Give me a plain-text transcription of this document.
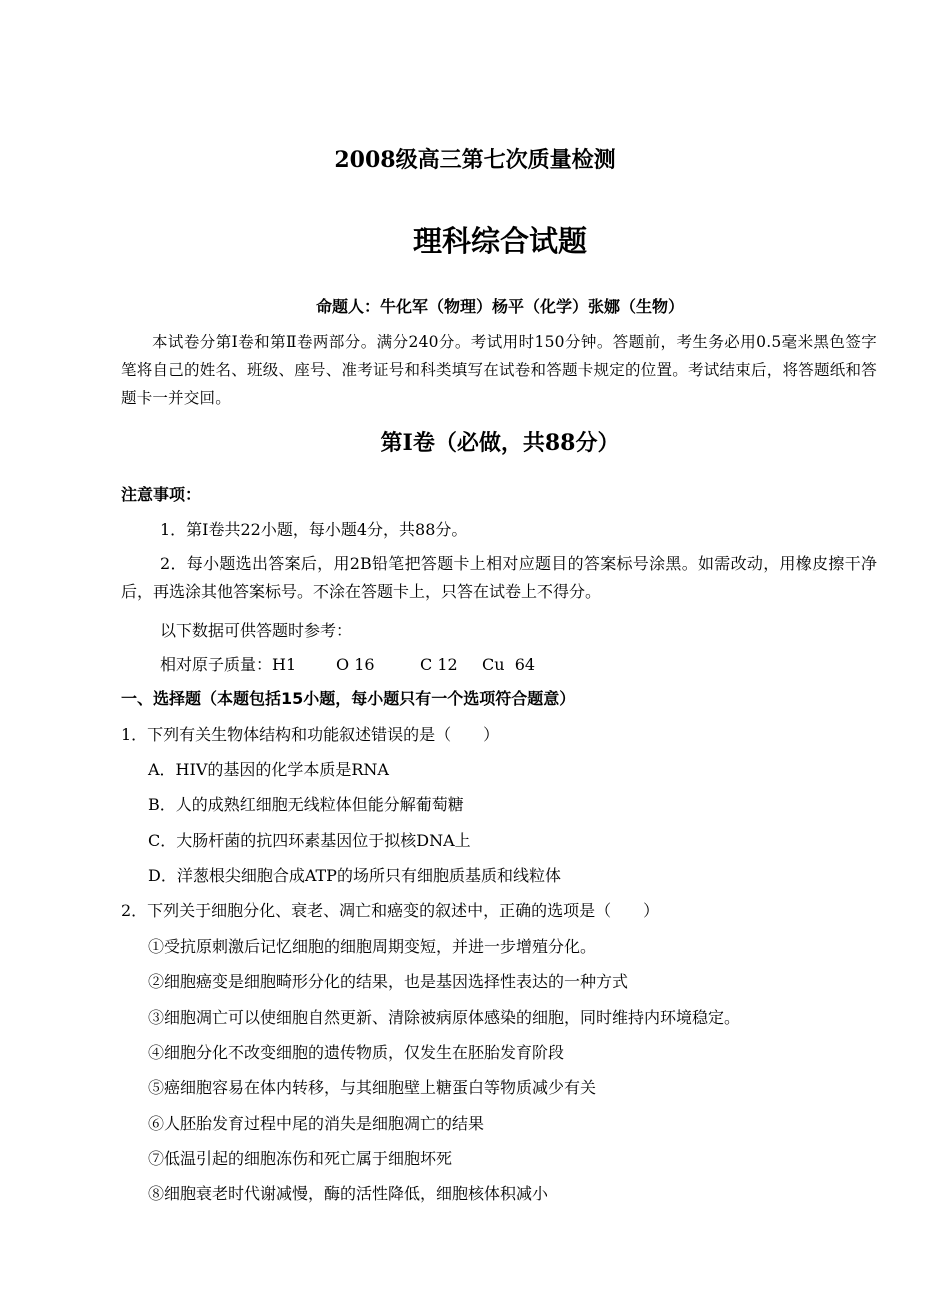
2008级高三第七次质量检测
理科综合试题
命题人：牛化军（物理）杨平（化学）张娜（生物）
本试卷分第Ⅰ卷和第Ⅱ卷两部分。满分240分。考试用时150分钟。答题前，考生务必用0.5毫米黑色签字笔将自己的姓名、班级、座号、准考证号和科类填写在试卷和答题卡规定的位置。考试结束后，将答题纸和答题卡一并交回。
第Ⅰ卷（必做，共88分）
注意事项：
1．第Ⅰ卷共22小题，每小题4分，共88分。
2．每小题选出答案后，用2B铅笔把答题卡上相对应题目的答案标号涂黑。如需改动，用橡皮擦干净后，再选涂其他答案标号。不涂在答题卡上，只答在试卷上不得分。
以下数据可供答题时参考：
相对原子质量：H1 O 16	C 12 Cu  64
一、选择题（本题包括15小题，每小题只有一个选项符合题意）
1．下列有关生物体结构和功能叙述错误的是（　　）
A．HIV的基因的化学本质是RNA
B．人的成熟红细胞无线粒体但能分解葡萄糖
C．大肠杆菌的抗四环素基因位于拟核DNA上
D．洋葱根尖细胞合成ATP的场所只有细胞质基质和线粒体
2．下列关于细胞分化、衰老、凋亡和癌变的叙述中，正确的选项是（　　）
①受抗原刺激后记忆细胞的细胞周期变短，并进一步增殖分化。
②细胞癌变是细胞畸形分化的结果，也是基因选择性表达的一种方式
③细胞凋亡可以使细胞自然更新、清除被病原体感染的细胞，同时维持内环境稳定。
④细胞分化不改变细胞的遗传物质，仅发生在胚胎发育阶段
⑤癌细胞容易在体内转移，与其细胞壁上糖蛋白等物质减少有关
⑥人胚胎发育过程中尾的消失是细胞凋亡的结果
⑦低温引起的细胞冻伤和死亡属于细胞坏死
⑧细胞衰老时代谢减慢，酶的活性降低，细胞核体积减小
